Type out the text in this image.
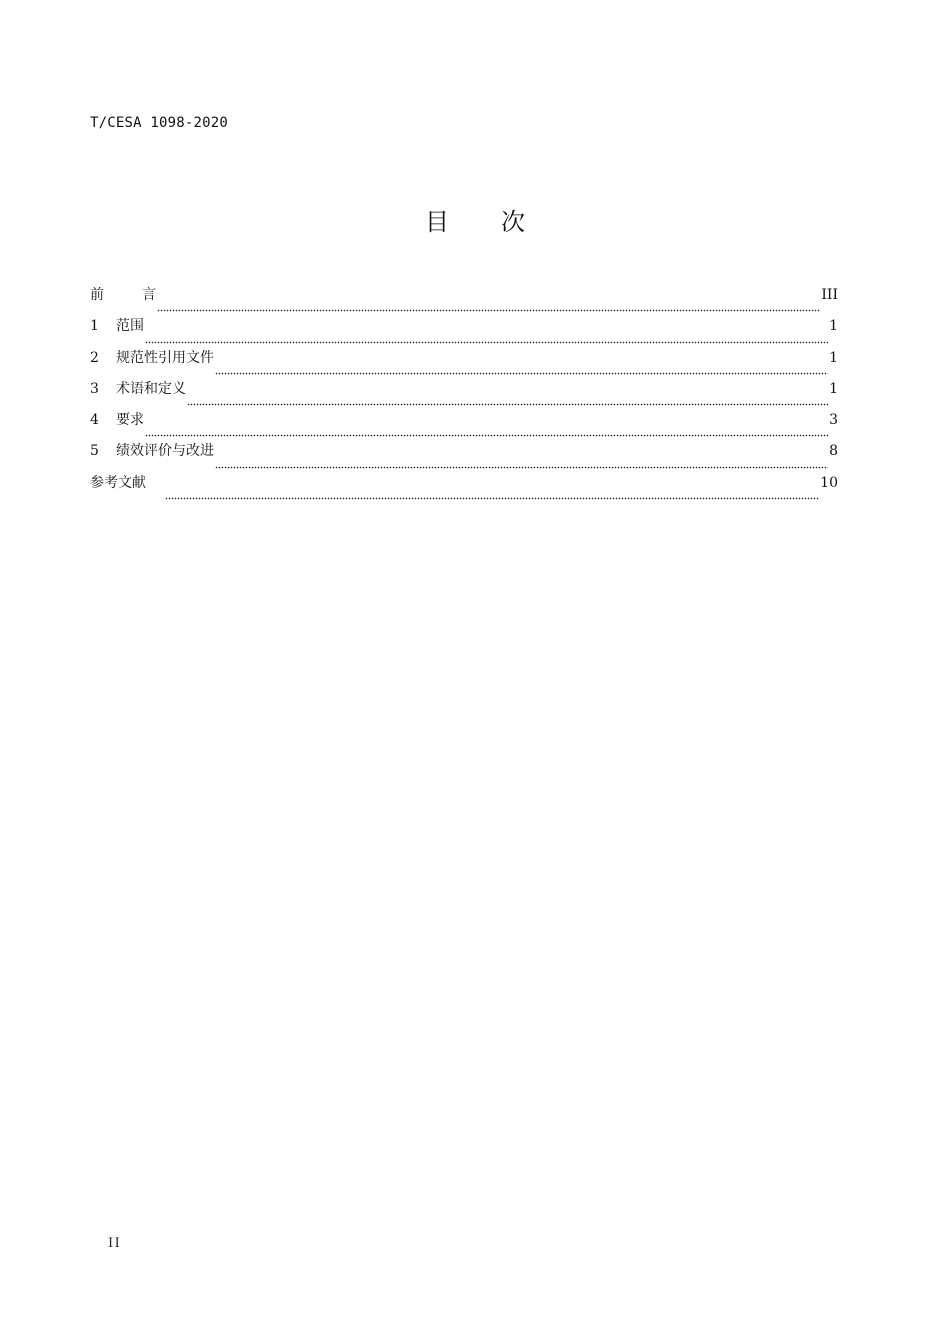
T/CESA 1098-2020
目次
前	言	III
1	范围	1
2	规范性引用文件	1
3	术语和定义	1
4	要求	3
5	绩效评价与改进	8
参考文献	10
II
